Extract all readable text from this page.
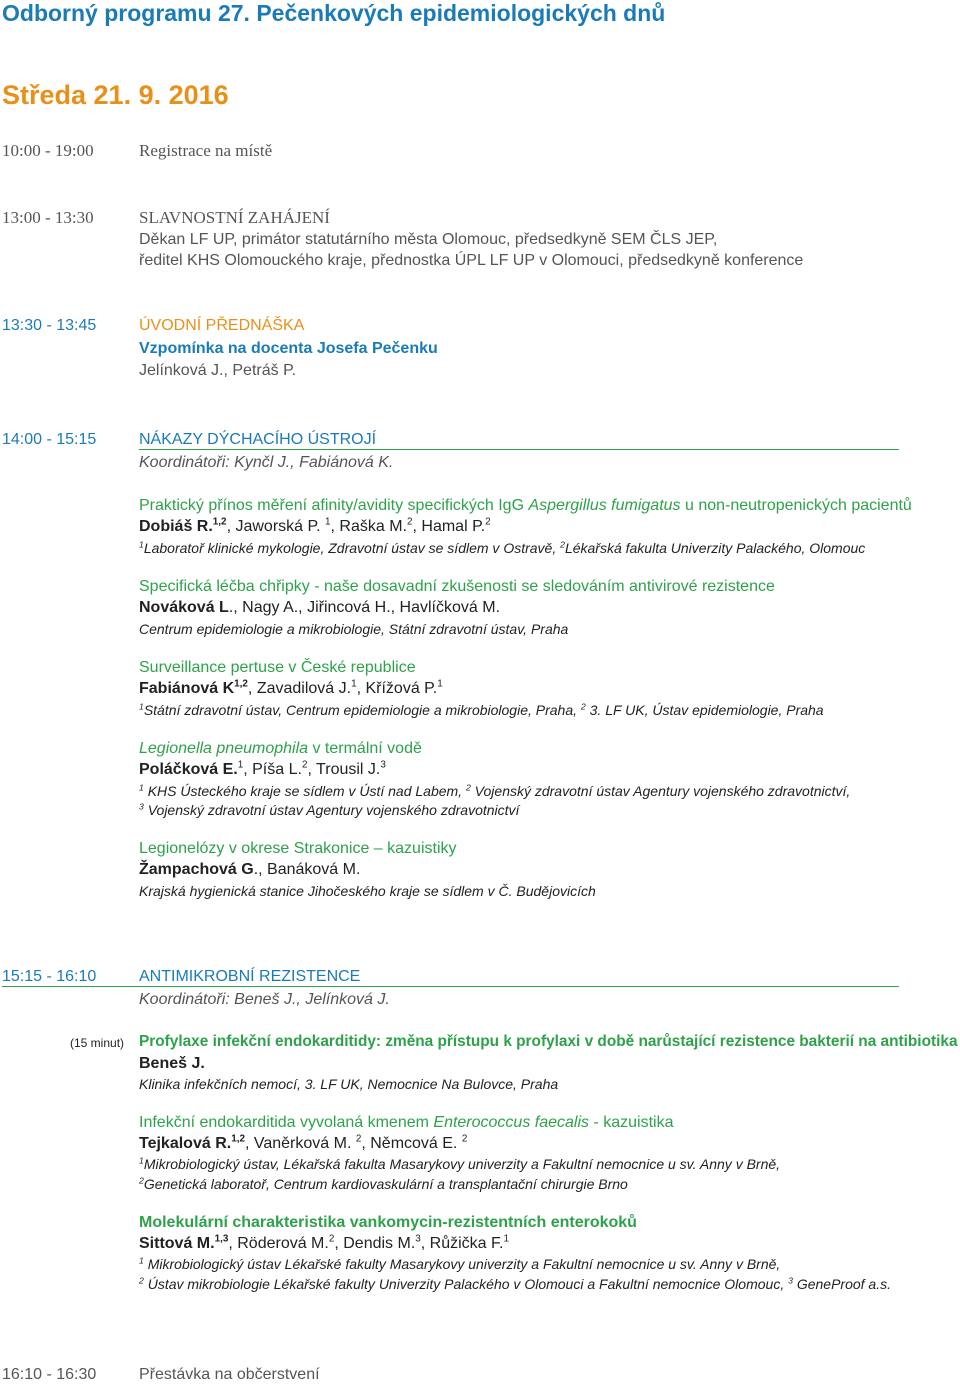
Odborný programu 27. Pečenkových epidemiologických dnů
Středa 21. 9. 2016
10:00 - 19:00	Registrace na místě
13:00 - 13:30	SLAVNOSTNÍ ZAHÁJENÍ
Děkan LF UP, primátor statutárního města Olomouc, předsedkyně SEM ČLS JEP,
ředitel KHS Olomouckého kraje, přednostka ÚPL LF UP v Olomouci, předsedkyně konference
13:30 - 13:45	ÚVODNÍ PŘEDNÁŠKA
Vzpomínka na docenta Josefa Pečenku
Jelínková J., Petráš P.
14:00 - 15:15	NÁKAZY DÝCHACÍHO ÚSTROJÍ
Koordinátoři: Kynčl J., Fabiánová K.
Praktický přínos měření afinity/avidity specifických IgG Aspergillus fumigatus u non-neutropenických pacientů
Dobiáš R.$^{1,2}$, Jaworská P. $^1$, Raška M.$^2$, Hamal P.$^2$
$^1$Laboratoř klinické mykologie, Zdravotní ústav se sídlem v Ostravě, $^2$Lékařská fakulta Univerzity Palackého, Olomouc
Specifická léčba chřipky - naše dosavadní zkušenosti se sledováním antivirové rezistence
Nováková L., Nagy A., Jiřincová H., Havlíčková M.
Centrum epidemiologie a mikrobiologie, Státní zdravotní ústav, Praha
Surveillance pertuse v České republice
Fabiánová K$^{1,2}$, Zavadilová J.$^1$, Křížová P.$^1$
$^1$Státní zdravotní ústav, Centrum epidemiologie a mikrobiologie, Praha, $^2$ 3. LF UK, Ústav epidemiologie, Praha
Legionella pneumophila v termální vodě
Poláčková E.$^1$, Píša L.$^2$, Trousil J.$^3$
$^1$ KHS Ústeckého kraje se sídlem v Ústí nad Labem, $^2$ Vojenský zdravotní ústav Agentury vojenského zdravotnictví,
$^3$ Vojenský zdravotní ústav Agentury vojenského zdravotnictví
Legionelózy v okrese Strakonice – kazuistiky
Žampachová G., Banáková M.
Krajská hygienická stanice Jihočeského kraje se sídlem v Č. Budějovicích
15:15 - 16:10	ANTIMIKROBNÍ REZISTENCE
Koordinátoři: Beneš J., Jelínková J.
(15 minut) Profylaxe infekční endokarditidy: změna přístupu k profylaxi v době narůstající rezistence bakterií na antibiotika
Beneš J.
Klinika infekčních nemocí, 3. LF UK, Nemocnice Na Bulovce, Praha
Infekční endokarditida vyvolaná kmenem Enterococcus faecalis - kazuistika
Tejkalová R.$^{1,2}$, Vaněrková M. $^2$, Němcová E. $^2$
$^1$Mikrobiologický ústav, Lékařská fakulta Masarykovy univerzity a Fakultní nemocnice u sv. Anny v Brně,
$^2$Genetická laboratoř, Centrum kardiovaskulární a transplantační chirurgie Brno
Molekulární charakteristika vankomycin-rezistentních enterokoků
Sittová M.$^{1,3}$, Röderová M.$^2$, Dendis M.$^3$, Růžička F.$^1$
$^1$ Mikrobiologický ústav Lékařské fakulty Masarykovy univerzity a Fakultní nemocnice u sv. Anny v Brně,
$^2$ Ústav mikrobiologie Lékařské fakulty Univerzity Palackého v Olomouci a Fakultní nemocnice Olomouc, $^3$ GeneProof a.s.
16:10 - 16:30	Přestávka na občerstvení
